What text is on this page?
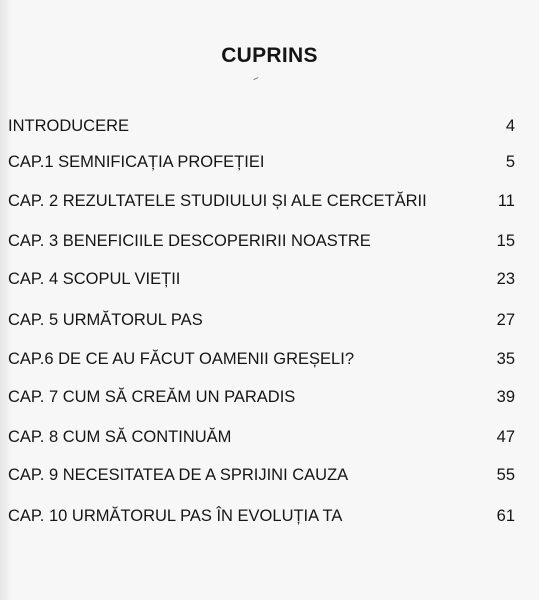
CUPRINS
INTRODUCERE	4
CAP.1 SEMNIFICAȚIA PROFEȚIEI	5
CAP. 2 REZULTATELE STUDIULUI ȘI ALE CERCETĂRII	11
CAP. 3 BENEFICIILE DESCOPERIRII NOASTRE	15
CAP. 4 SCOPUL VIEȚII	23
CAP. 5 URMĂTORUL PAS	27
CAP.6 DE CE AU FĂCUT OAMENII GREȘELI?	35
CAP. 7 CUM SĂ CREĂM UN PARADIS	39
CAP. 8 CUM SĂ CONTINUĂM	47
CAP. 9 NECESITATEA DE A SPRIJINI CAUZA	55
CAP. 10 URMĂTORUL PAS ÎN EVOLUȚIA TA	61
